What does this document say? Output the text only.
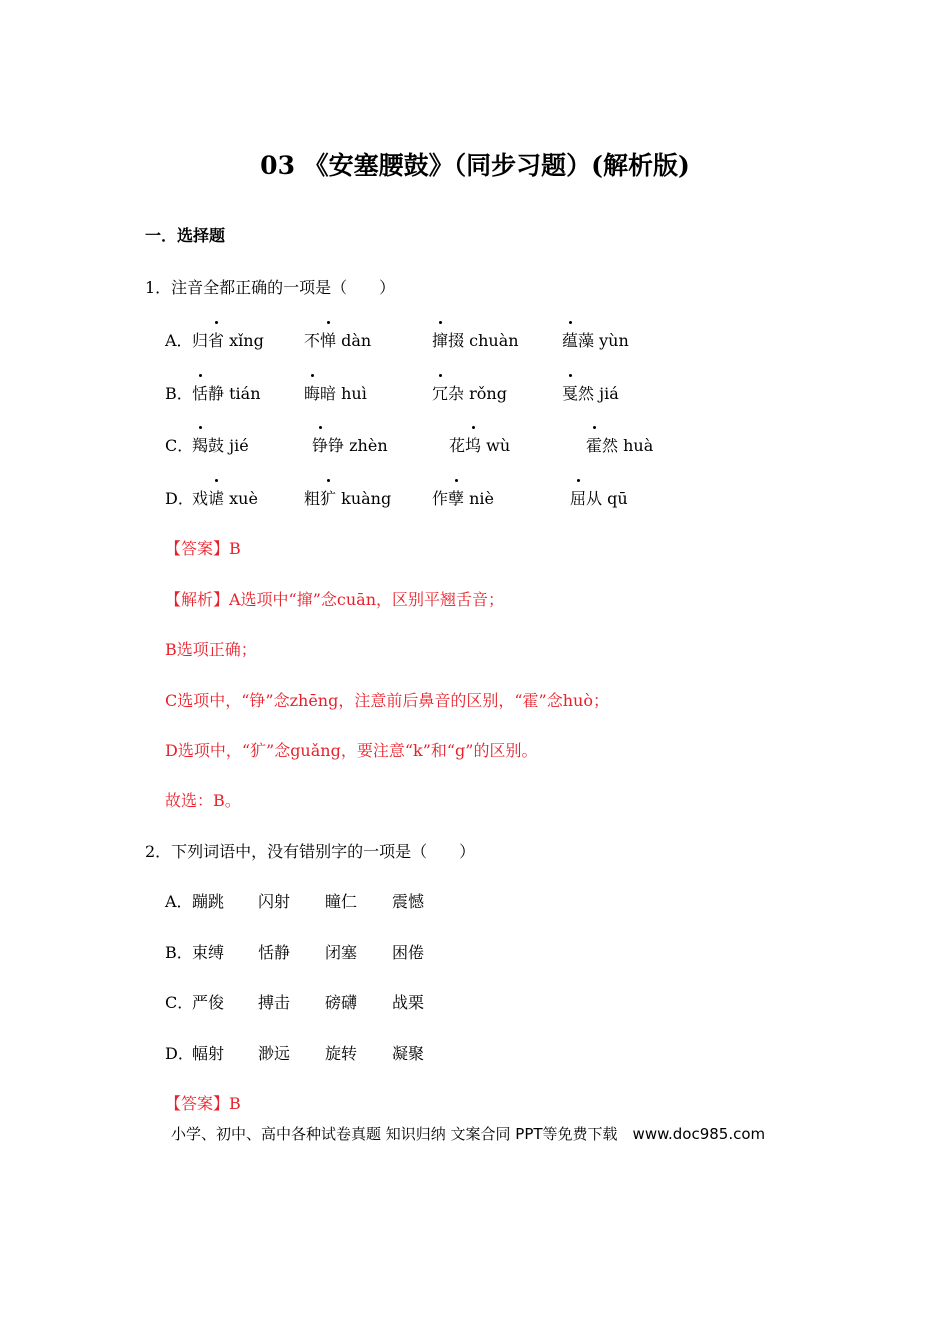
03 《安塞腰鼓》（同步习题）(解析版)
一．选择题
1．注音全都正确的一项是（　　）
A． 归省 xǐng	不惮 dàn	撺掇 chuàn	蕴藻 yùn
B． 恬静 tián	晦暗 huì	冗杂 rǒng	戛然 jiá
C．
羯鼓 jié	铮铮 zhèn	花坞 wù	霍然 huà
D．
戏谑 xuè	粗犷 kuàng	作孽 niè	屈从 qū
【答案】B
【解析】A选项中“撺”念cuān，区别平翘舌音；
B选项正确；
C选项中，“铮”念zhēng，注意前后鼻音的区别，“霍”念huò；
D选项中，“犷”念guǎng，要注意“k”和“g”的区别。
故选：B。
2．下列词语中，没有错别字的一项是（　　）
A． 蹦跳 闪射 瞳仁 震憾
B． 束缚 恬静 闭塞 困倦
C．
严俊 搏击 磅礴 战栗
D．
幅射 渺远 旋转 凝聚
【答案】B
小学、初中、高中各种试卷真题 知识归纳 文案合同 PPT等免费下载　www.doc985.com
